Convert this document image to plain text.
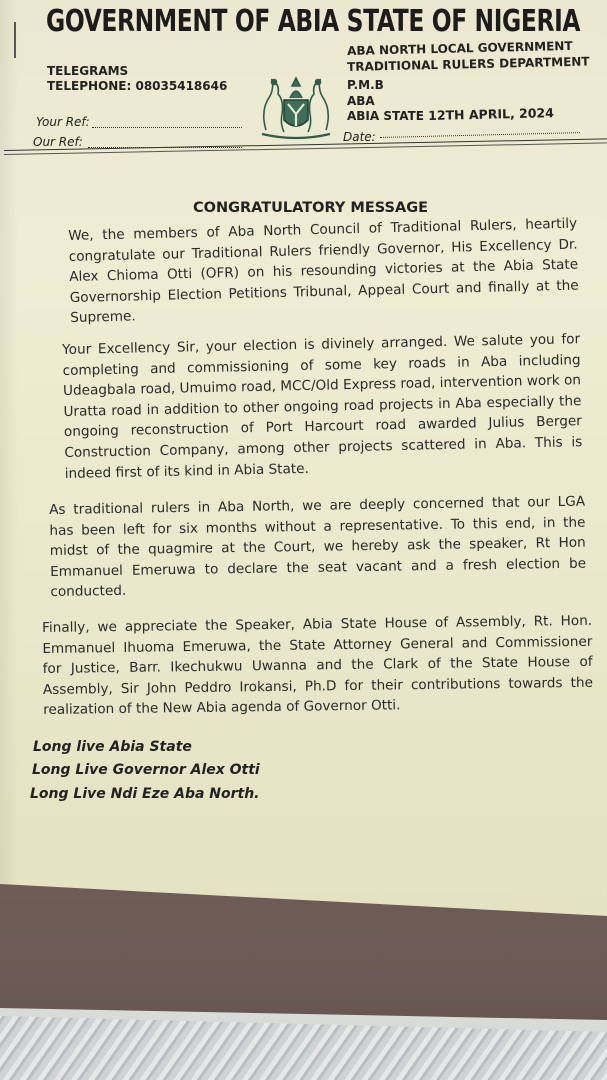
GOVERNMENT OF ABIA STATE OF NIGERIA
TELEGRAMS
TELEPHONE: 08035418646
ABA NORTH LOCAL GOVERNMENT
TRADITIONAL RULERS DEPARTMENT
P.M.B
ABA
ABIA STATE 12TH APRIL, 2024
Your Ref:
Our Ref:	Date:
CONGRATULATORY MESSAGE
We, the members of Aba North Council of Traditional Rulers, heartily
congratulate our Traditional Rulers friendly Governor, His Excellency Dr.
Alex Chioma Otti (OFR) on his resounding victories at the Abia State
Governorship Election Petitions Tribunal, Appeal Court and finally at the
Supreme.
Your Excellency Sir, your election is divinely arranged. We salute you for
completing and commissioning of some key roads in Aba including
Udeagbala road, Umuimo road, MCC/Old Express road, intervention work on
Uratta road in addition to other ongoing road projects in Aba especially the
ongoing reconstruction of Port Harcourt road awarded Julius Berger
Construction Company, among other projects scattered in Aba. This is
indeed first of its kind in Abia State.
As traditional rulers in Aba North, we are deeply concerned that our LGA
has been left for six months without a representative. To this end, in the
midst of the quagmire at the Court, we hereby ask the speaker, Rt Hon
Emmanuel Emeruwa to declare the seat vacant and a fresh election be
conducted.
Finally, we appreciate the Speaker, Abia State House of Assembly, Rt. Hon.
Emmanuel Ihuoma Emeruwa, the State Attorney General and Commissioner
for Justice, Barr. Ikechukwu Uwanna and the Clark of the State House of
Assembly, Sir John Peddro Irokansi, Ph.D for their contributions towards the
realization of the New Abia agenda of Governor Otti.
Long live Abia State
Long Live Governor Alex Otti
Long Live Ndi Eze Aba North.
